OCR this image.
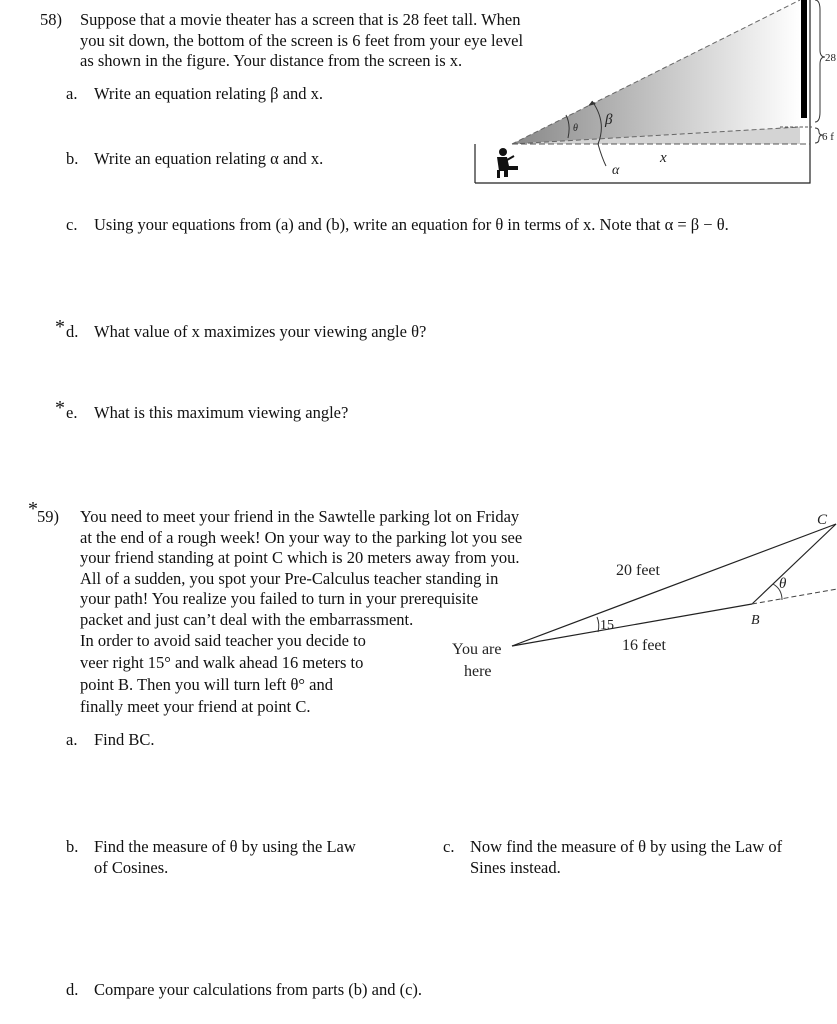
58) Suppose that a movie theater has a screen that is 28 feet tall. When
you sit down, the bottom of the screen is 6 feet from your eye level
as shown in the figure. Your distance from the screen is x.
a. Write an equation relating β and x.
b. Write an equation relating α and x.
c. Using your equations from (a) and (b), write an equation for θ in terms of x. Note that α = β − θ.
* d. What value of x maximizes your viewing angle θ?
* e. What is this maximum viewing angle?
28
6 f
θ
β
α
x
* 59) You need to meet your friend in the Sawtelle parking lot on Friday
at the end of a rough week! On your way to the parking lot you see
your friend standing at point C which is 20 meters away from you.
All of a sudden, you spot your Pre-Calculus teacher standing in
your path! You realize you failed to turn in your prerequisite
packet and just can’t deal with the embarrassment.
In order to avoid said teacher you decide to
veer right 15° and walk ahead 16 meters to
point B. Then you will turn left θ° and
finally meet your friend at point C.
a. Find BC.
b. Find the measure of θ by using the Law
of Cosines.
c. Now find the measure of θ by using the Law of
Sines instead.
d. Compare your calculations from parts (b) and (c).
15
20 feet
16 feet
B
C
θ
You are
here
